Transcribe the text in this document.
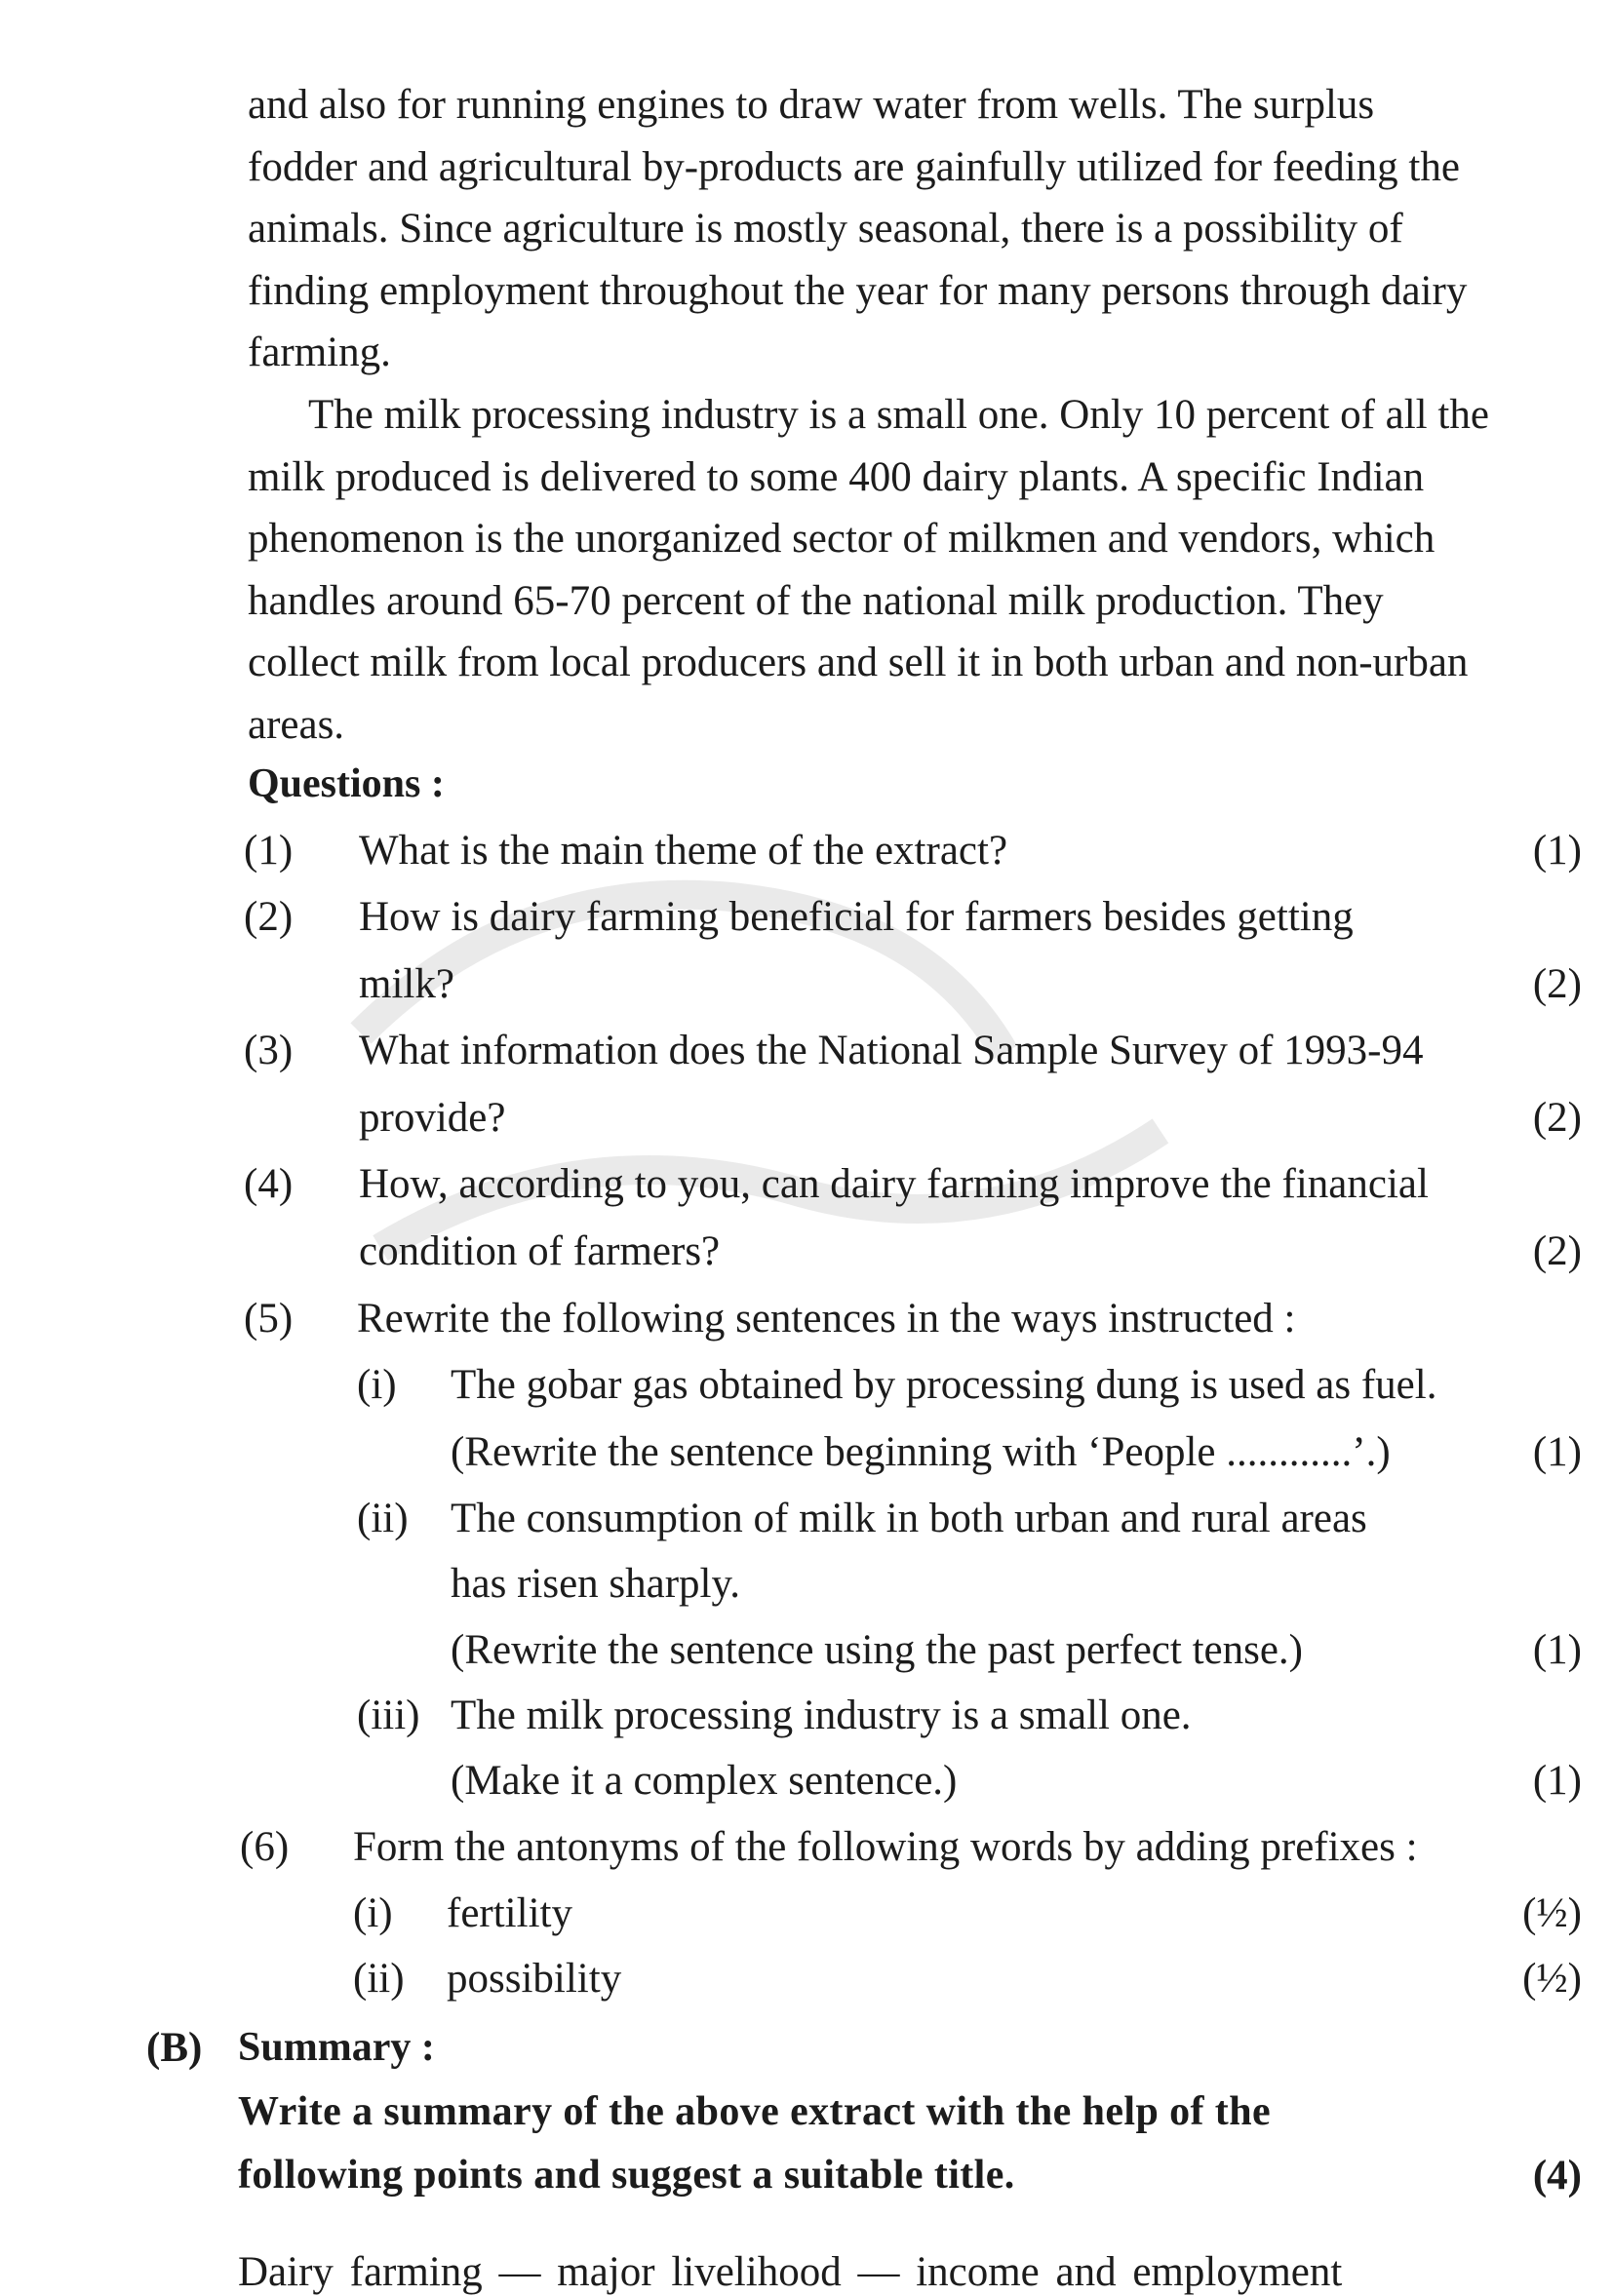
and also for running engines to draw water from wells. The surplus fodder and agricultural by-products are gainfully utilized for feeding the animals. Since agriculture is mostly seasonal, there is a possibility of finding employment throughout the year for many persons through dairy farming.

The milk processing industry is a small one. Only 10 percent of all the milk produced is delivered to some 400 dairy plants. A specific Indian phenomenon is the unorganized sector of milkmen and vendors, which handles around 65-70 percent of the national milk production. They collect milk from local producers and sell it in both urban and non-urban areas.

Questions :
(1) What is the main theme of the extract?	(1)
(2) How is dairy farming beneficial for farmers besides getting
milk?	(2)
(3) What information does the National Sample Survey of 1993-94
provide?	(2)
(4) How, according to you, can dairy farming improve the financial
condition of farmers?	(2)
(5) Rewrite the following sentences in the ways instructed :
(i) The gobar gas obtained by processing dung is used as fuel.
(Rewrite the sentence beginning with ‘People ............’.)	(1)
(ii) The consumption of milk in both urban and rural areas
has risen sharply.
(Rewrite the sentence using the past perfect tense.)	(1)
(iii) The milk processing industry is a small one.
(Make it a complex sentence.)	(1)
(6) Form the antonyms of the following words by adding prefixes :
(i) fertility	(½)
(ii) possibility	(½)
(B) Summary :
Write a summary of the above extract with the help of the
following points and suggest a suitable title.	(4)
Dairy farming — major livelihood — income and employment
